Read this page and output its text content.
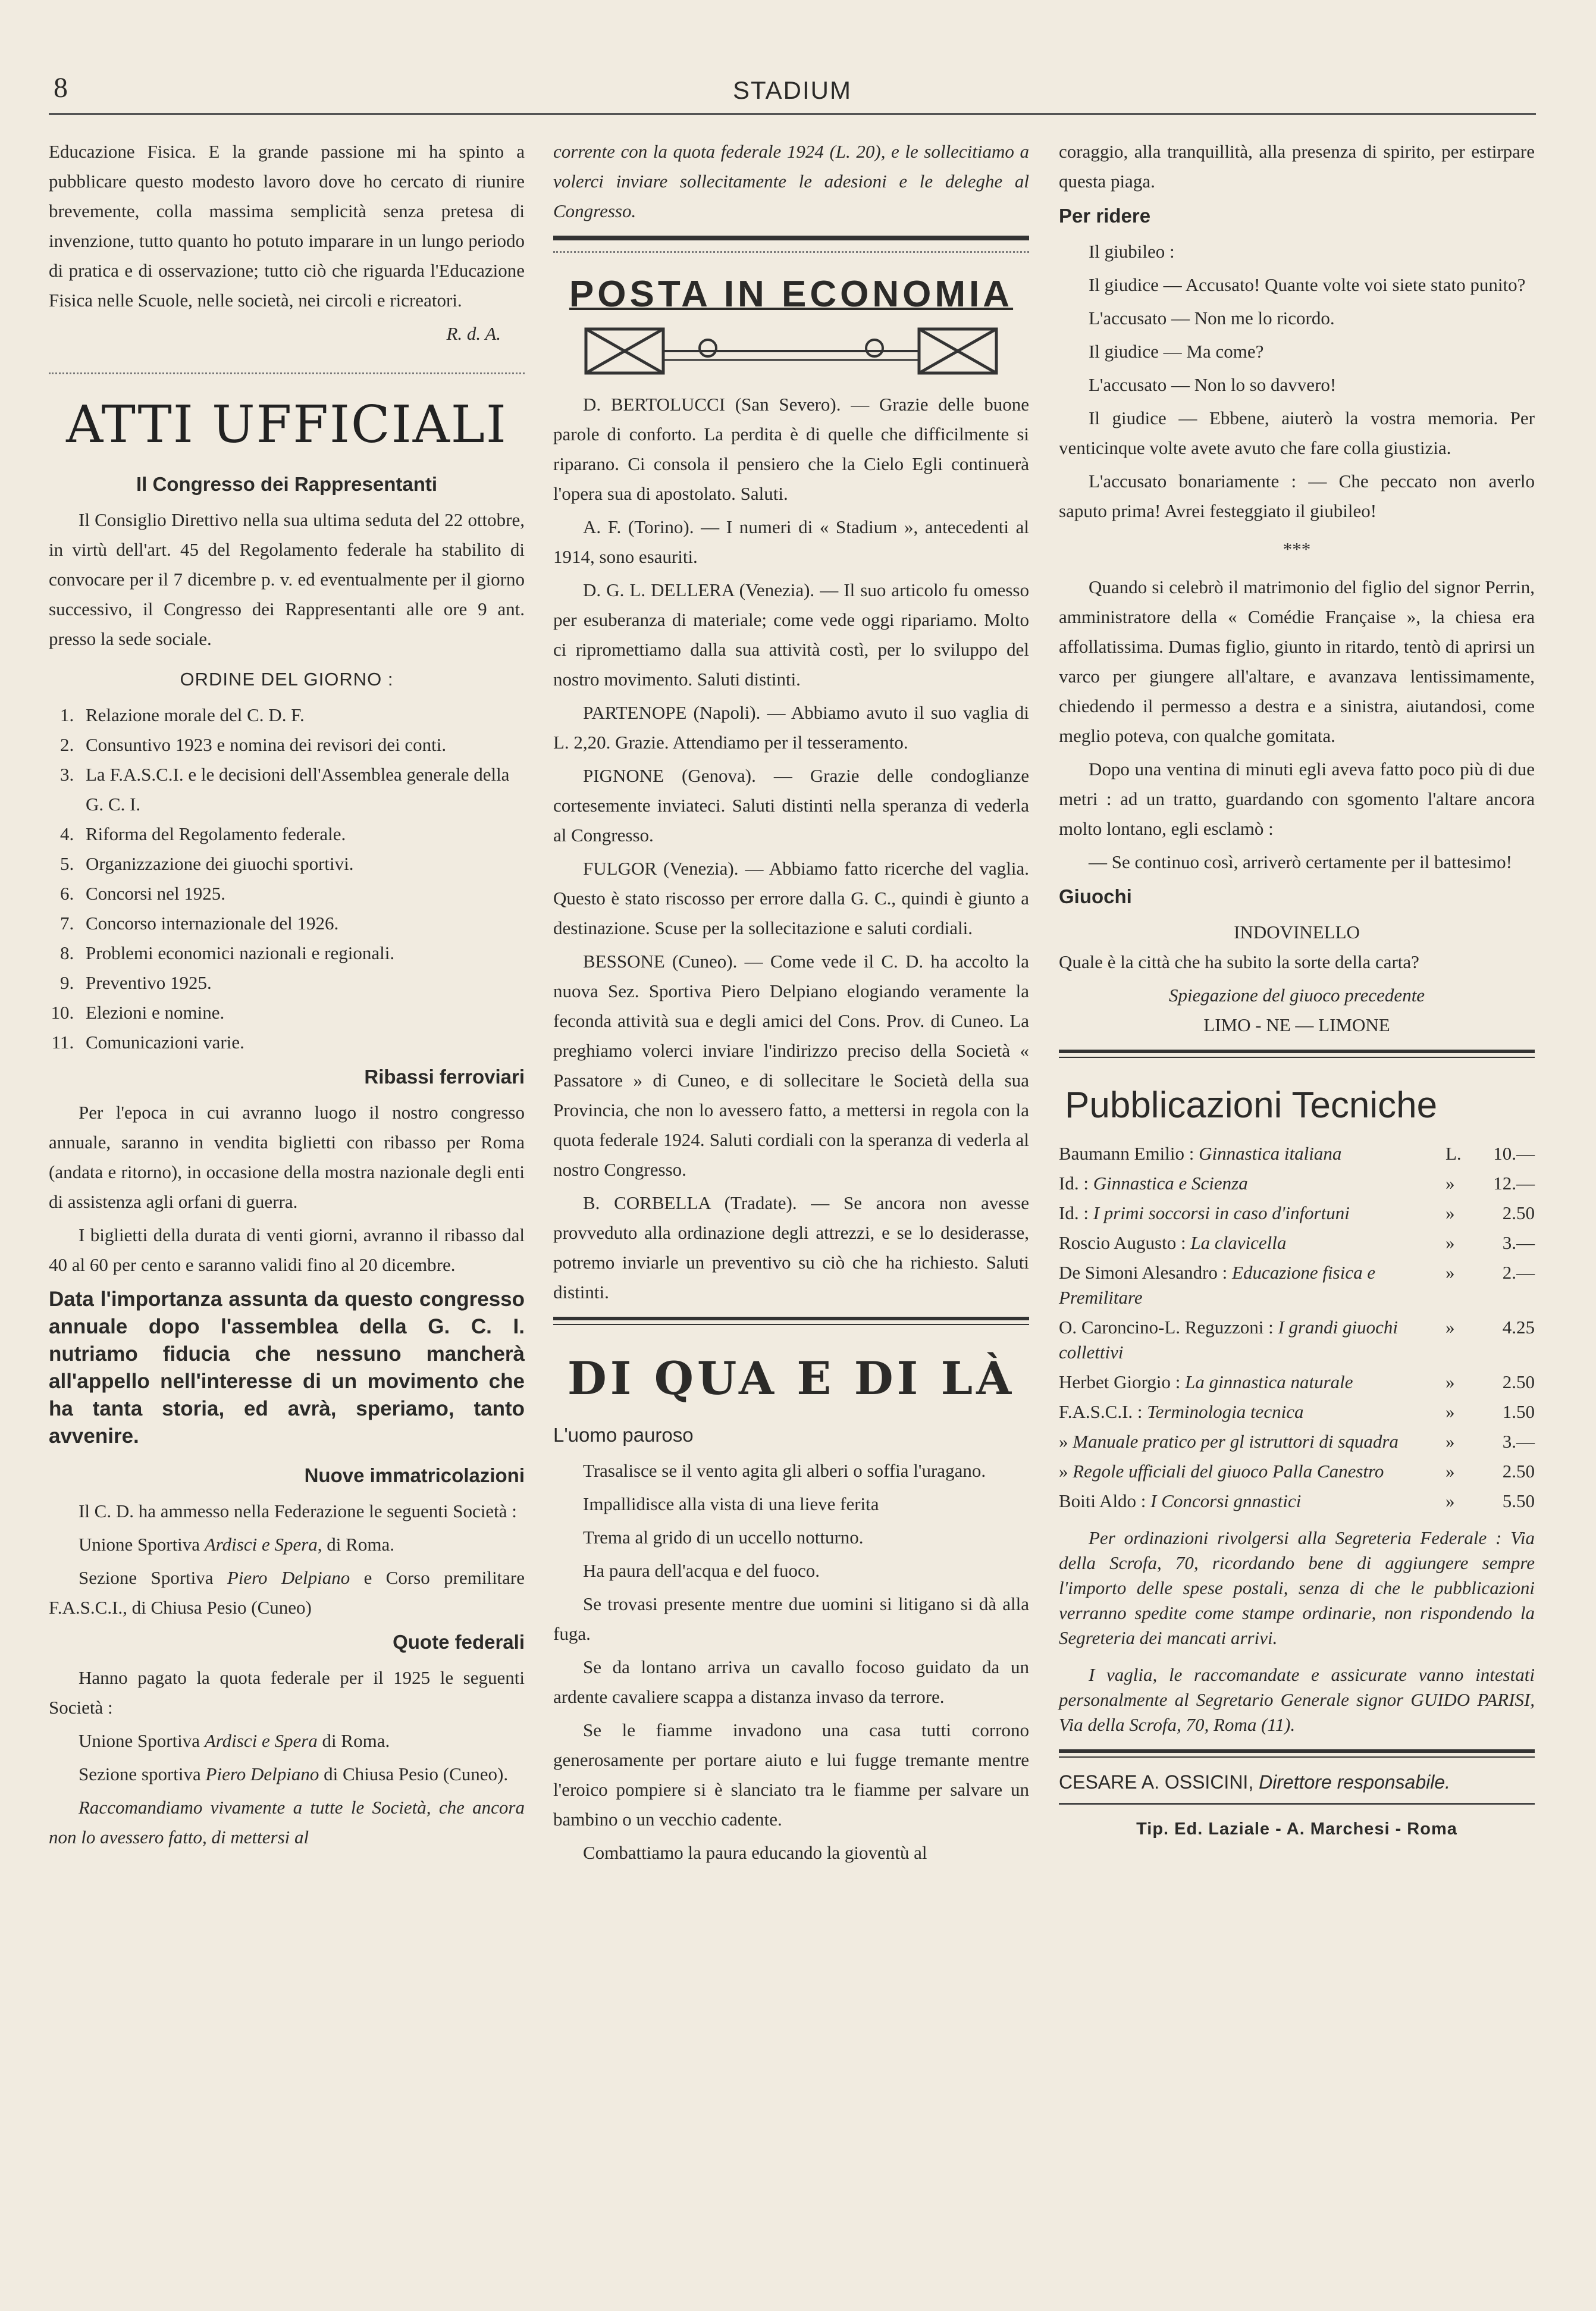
8	STADIUM

Educazione Fisica. E la grande passione mi ha spinto a pubblicare questo modesto lavoro dove ho cercato di riunire brevemente, colla massima semplicità senza pretesa di invenzione, tutto quanto ho potuto imparare in un lungo periodo di pratica e di osservazione; tutto ciò che riguarda l'Educazione Fisica nelle Scuole, nelle società, nei circoli e ricreatori.

R. d. A.
ATTI UFFICIALI
Il Congresso dei Rappresentanti

Il Consiglio Direttivo nella sua ultima seduta del 22 ottobre, in virtù dell'art. 45 del Regolamento federale ha stabilito di convocare per il 7 dicembre p. v. ed eventualmente per il giorno successivo, il Congresso dei Rappresentanti alle ore 9 ant. presso la sede sociale.

ORDINE DEL GIORNO :
1. Relazione morale del C. D. F.
2. Consuntivo 1923 e nomina dei revisori dei conti.
3. La F.A.S.C.I. e le decisioni dell'Assemblea generale della G. C. I.
4. Riforma del Regolamento federale.
5. Organizzazione dei giuochi sportivi.
6. Concorsi nel 1925.
7. Concorso internazionale del 1926.
8. Problemi economici nazionali e regionali.
9. Preventivo 1925.
10. Elezioni e nomine.
11. Comunicazioni varie.
Ribassi ferroviari

Per l'epoca in cui avranno luogo il nostro congresso annuale, saranno in vendita biglietti con ribasso per Roma (andata e ritorno), in occasione della mostra nazionale degli enti di assistenza agli orfani di guerra.

I biglietti della durata di venti giorni, avranno il ribasso dal 40 al 60 per cento e saranno validi fino al 20 dicembre.

Data l'importanza assunta da questo congresso annuale dopo l'assemblea della G. C. I. nutriamo fiducia che nessuno mancherà all'appello nell'interesse di un movimento che ha tanta storia, ed avrà, speriamo, tanto avvenire.
Nuove immatricolazioni

Il C. D. ha ammesso nella Federazione le seguenti Società :

Unione Sportiva Ardisci e Spera, di Roma.

Sezione Sportiva Piero Delpiano e Corso premilitare F.A.S.C.I., di Chiusa Pesio (Cuneo)

Quote federali

Hanno pagato la quota federale per il 1925 le seguenti Società :

Unione Sportiva Ardisci e Spera di Roma.

Sezione sportiva Piero Delpiano di Chiusa Pesio (Cuneo).

Raccomandiamo vivamente a tutte le Società, che ancora non lo avessero fatto, di mettersi al

corrente con la quota federale 1924 (L. 20), e le sollecitiamo a volerci inviare sollecitamente le adesioni e le deleghe al Congresso.

POSTA IN ECONOMIA

D. BERTOLUCCI (San Severo). — Grazie delle buone parole di conforto. La perdita è di quelle che difficilmente si riparano. Ci consola il pensiero che la Cielo Egli continuerà l'opera sua di apostolato. Saluti.

A. F. (Torino). — I numeri di « Stadium », antecedenti al 1914, sono esauriti.

D. G. L. DELLERA (Venezia). — Il suo articolo fu omesso per esuberanza di materiale; come vede oggi ripariamo. Molto ci ripromettiamo dalla sua attività costì, per lo sviluppo del nostro movimento. Saluti distinti.

PARTENOPE (Napoli). — Abbiamo avuto il suo vaglia di L. 2,20. Grazie. Attendiamo per il tesseramento.

PIGNONE (Genova). — Grazie delle condoglianze cortesemente inviateci. Saluti distinti nella speranza di vederla al Congresso.

FULGOR (Venezia). — Abbiamo fatto ricerche del vaglia. Questo è stato riscosso per errore dalla G. C., quindi è giunto a destinazione. Scuse per la sollecitazione e saluti cordiali.

BESSONE (Cuneo). — Come vede il C. D. ha accolto la nuova Sez. Sportiva Piero Delpiano elogiando veramente la feconda attività sua e degli amici del Cons. Prov. di Cuneo. La preghiamo volerci inviare l'indirizzo preciso della Società « Passatore » di Cuneo, e di sollecitare le Società della sua Provincia, che non lo avessero fatto, a mettersi in regola con la quota federale 1924. Saluti cordiali con la speranza di vederla al nostro Congresso.

B. CORBELLA (Tradate). — Se ancora non avesse provveduto alla ordinazione degli attrezzi, e se lo desiderasse, potremo inviarle un preventivo su ciò che ha richiesto. Saluti distinti.

DI QUA E DI LÀ
L'uomo pauroso

Trasalisce se il vento agita gli alberi o soffia l'uragano.

Impallidisce alla vista di una lieve ferita

Trema al grido di un uccello notturno.

Ha paura dell'acqua e del fuoco.

Se trovasi presente mentre due uomini si litigano si dà alla fuga.

Se da lontano arriva un cavallo focoso guidato da un ardente cavaliere scappa a distanza invaso da terrore.

Se le fiamme invadono una casa tutti corrono generosamente per portare aiuto e lui fugge tremante mentre l'eroico pompiere si è slanciato tra le fiamme per salvare un bambino o un vecchio cadente.

Combattiamo la paura educando la gioventù al

coraggio, alla tranquillità, alla presenza di spirito, per estirpare questa piaga.

Per ridere

Il giubileo :

Il giudice — Accusato! Quante volte voi siete stato punito?

L'accusato — Non me lo ricordo.

Il giudice — Ma come?

L'accusato — Non lo so davvero!

Il giudice — Ebbene, aiuterò la vostra memoria. Per venticinque volte avete avuto che fare colla giustizia.

L'accusato bonariamente : — Che peccato non averlo saputo prima! Avrei festeggiato il giubileo!

***

Quando si celebrò il matrimonio del figlio del signor Perrin, amministratore della « Comédie Française », la chiesa era affollatissima. Dumas figlio, giunto in ritardo, tentò di aprirsi un varco per giungere all'altare, e avanzava lentissimamente, chiedendo il permesso a destra e a sinistra, aiutandosi, come meglio poteva, con qualche gomitata.

Dopo una ventina di minuti egli aveva fatto poco più di due metri : ad un tratto, guardando con sgomento l'altare ancora molto lontano, egli esclamò :

— Se continuo così, arriverò certamente per il battesimo!

Giuochi
INDOVINELLO

Quale è la città che ha subito la sorte della carta?

Spiegazione del giuoco precedente
LIMO - NE — LIMONE
Pubblicazioni Tecniche
Baumann Emilio : Ginnastica italiana	L.	10.—
Id. : Ginnastica e Scienza	»	12.—
Id. : I primi soccorsi in caso d'infortuni	»	2.50
Roscio Augusto : La clavicella	»	3.—
De Simoni Alesandro : Educazione fisica e Premilitare
»	2.—
O. Caroncino-L. Reguzzoni : I grandi giuochi collettivi
»	4.25
Herbet Giorgio : La ginnastica naturale	»	2.50
F.A.S.C.I. : Terminologia tecnica	»	1.50
» Manuale pratico per gl istruttori di squadra	»	3.—
» Regole ufficiali del giuoco Palla Canestro	»	2.50
Boiti Aldo : I Concorsi gnnastici	»	5.50

Per ordinazioni rivolgersi alla Segreteria Federale : Via della Scrofa, 70, ricordando bene di aggiungere sempre l'importo delle spese postali, senza di che le pubblicazioni verranno spedite come stampe ordinarie, non rispondendo la Segreteria dei mancati arrivi.

I vaglia, le raccomandate e assicurate vanno intestati personalmente al Segretario Generale signor GUIDO PARISI, Via della Scrofa, 70, Roma (11).

CESARE A. OSSICINI, Direttore responsabile.
Tip. Ed. Laziale - A. Marchesi - Roma
